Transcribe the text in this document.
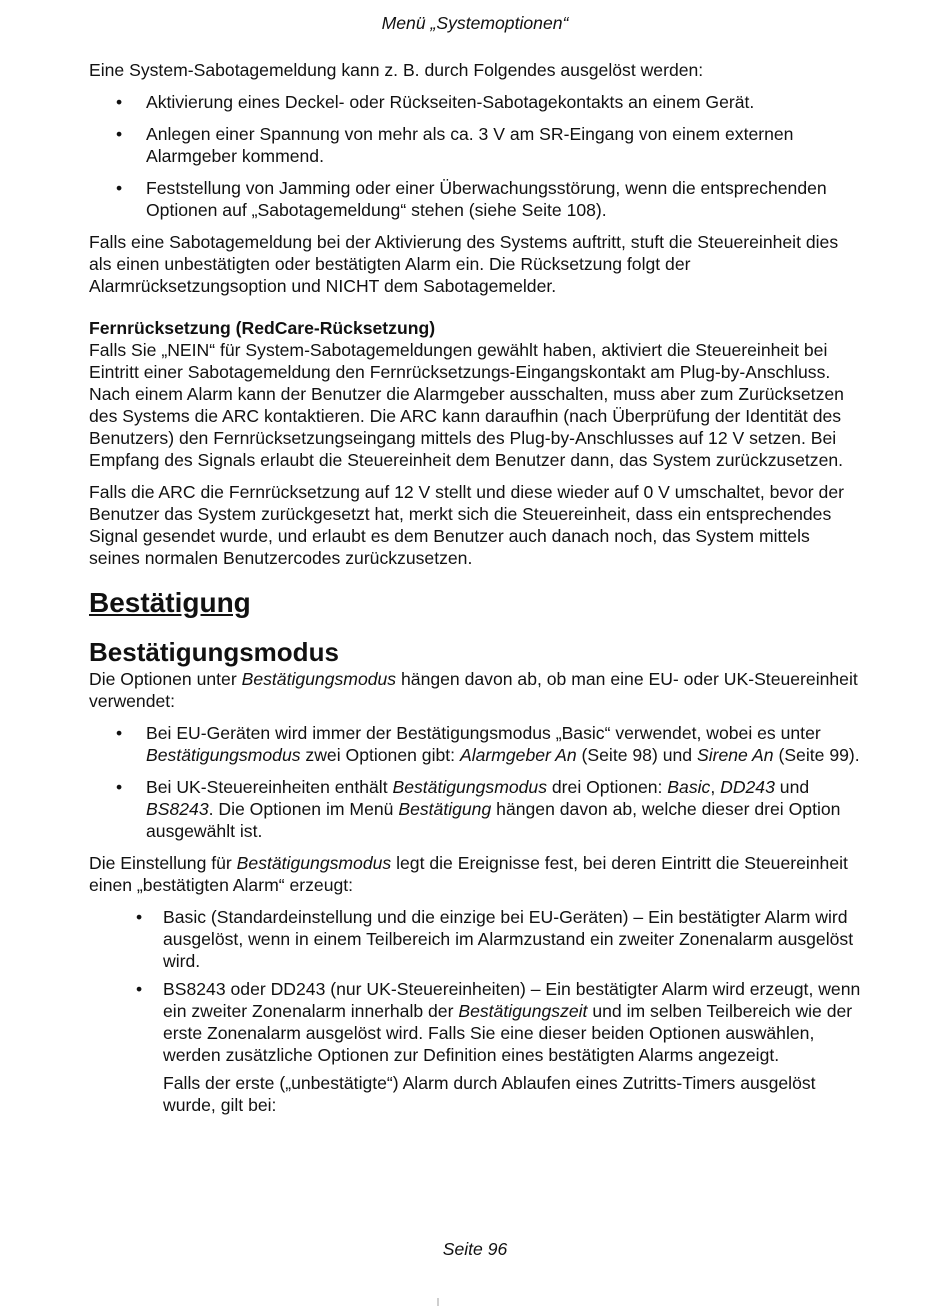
Menü „Systemoptionen“

Eine System-Sabotagemeldung kann z. B. durch Folgendes ausgelöst werden:

• Aktivierung eines Deckel- oder Rückseiten-Sabotagekontakts an einem Gerät.
• Anlegen einer Spannung von mehr als ca. 3 V am SR-Eingang von einem externen Alarmgeber kommend.
• Feststellung von Jamming oder einer Überwachungsstörung, wenn die entsprechenden Optionen auf „Sabotagemeldung“ stehen (siehe Seite 108).

Falls eine Sabotagemeldung bei der Aktivierung des Systems auftritt, stuft die Steuereinheit dies als einen unbestätigten oder bestätigten Alarm ein. Die Rücksetzung folgt der Alarmrücksetzungsoption und NICHT dem Sabotagemelder.

Fernrücksetzung (RedCare-Rücksetzung)

Falls Sie „NEIN“ für System-Sabotagemeldungen gewählt haben, aktiviert die Steuereinheit bei Eintritt einer Sabotagemeldung den Fernrücksetzungs-Eingangskontakt am Plug-by-Anschluss. Nach einem Alarm kann der Benutzer die Alarmgeber ausschalten, muss aber zum Zurücksetzen des Systems die ARC kontaktieren. Die ARC kann daraufhin (nach Überprüfung der Identität des Benutzers) den Fernrücksetzungseingang mittels des Plug-by-Anschlusses auf 12 V setzen. Bei Empfang des Signals erlaubt die Steuereinheit dem Benutzer dann, das System zurückzusetzen.

Falls die ARC die Fernrücksetzung auf 12 V stellt und diese wieder auf 0 V umschaltet, bevor der Benutzer das System zurückgesetzt hat, merkt sich die Steuereinheit, dass ein entsprechendes Signal gesendet wurde, und erlaubt es dem Benutzer auch danach noch, das System mittels seines normalen Benutzercodes zurückzusetzen.

Bestätigung
Bestätigungsmodus

Die Optionen unter Bestätigungsmodus hängen davon ab, ob man eine EU- oder UK-Steuereinheit verwendet:

• Bei EU-Geräten wird immer der Bestätigungsmodus „Basic“ verwendet, wobei es unter Bestätigungsmodus zwei Optionen gibt: Alarmgeber An (Seite 98) und Sirene An (Seite 99).
• Bei UK-Steuereinheiten enthält Bestätigungsmodus drei Optionen: Basic, DD243 und BS8243. Die Optionen im Menü Bestätigung hängen davon ab, welche dieser drei Option ausgewählt ist.

Die Einstellung für Bestätigungsmodus legt die Ereignisse fest, bei deren Eintritt die Steuereinheit einen „bestätigten Alarm“ erzeugt:

• Basic (Standardeinstellung und die einzige bei EU-Geräten) – Ein bestätigter Alarm wird ausgelöst, wenn in einem Teilbereich im Alarmzustand ein zweiter Zonenalarm ausgelöst wird.
• BS8243 oder DD243 (nur UK-Steuereinheiten) – Ein bestätigter Alarm wird erzeugt, wenn ein zweiter Zonenalarm innerhalb der Bestätigungszeit und im selben Teilbereich wie der erste Zonenalarm ausgelöst wird. Falls Sie eine dieser beiden Optionen auswählen, werden zusätzliche Optionen zur Definition eines bestätigten Alarms angezeigt.
Falls der erste („unbestätigte“) Alarm durch Ablaufen eines Zutritts-Timers ausgelöst wurde, gilt bei:
Seite 96
